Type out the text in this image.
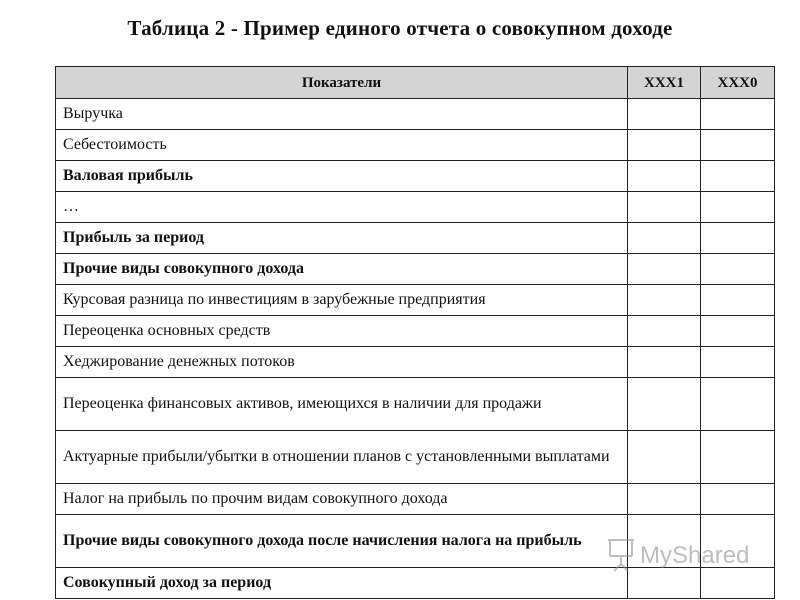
Таблица 2 - Пример единого отчета о совокупном доходе
Показатели	XXX1	XXX0
Выручка		
Себестоимость		
Валовая прибыль		
…		
Прибыль за период		
Прочие виды совокупного дохода		
Курсовая разница по инвестициям в зарубежные предприятия		
Переоценка основных средств		
Хеджирование денежных потоков		
Переоценка финансовых активов, имеющихся в наличии для продажи		
Актуарные прибыли/убытки в отношении планов с установленными выплатами		
Налог на прибыль по прочим видам совокупного дохода		
Прочие виды совокупного дохода после начисления налога на прибыль		
Совокупный доход за период		
MyShared
